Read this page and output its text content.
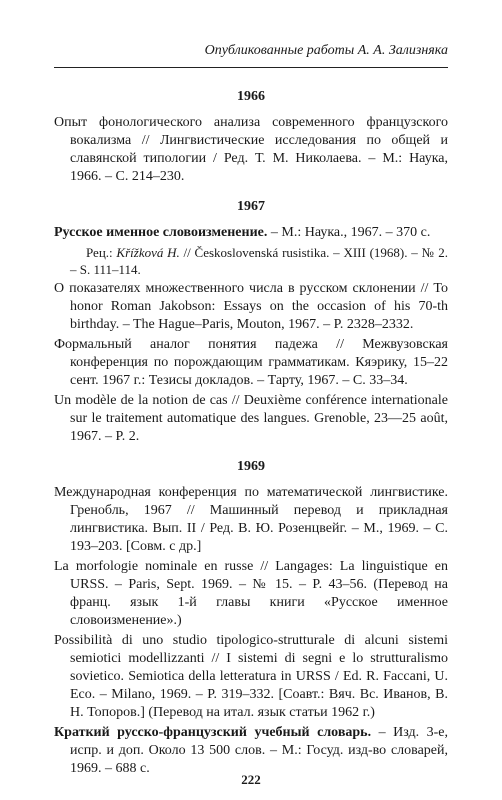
Опубликованные работы А. А. Зализняка
1966
Опыт фонологического анализа современного французского вокализма // Лингвистические исследования по общей и славянской типологии / Ред. Т. М. Николаева. – М.: Наука, 1966. – С. 214–230.
1967
Русское именное словоизменение. – М.: Наука., 1967. – 370 с.
Рец.: Křížková H. // Československá rusistika. – XIII (1968). – № 2. – S. 111–114.
О показателях множественного числа в русском склонении // To honor Roman Jakobson: Essays on the occasion of his 70-th birthday. – The Hague–Paris, Mouton, 1967. – P. 2328–2332.
Формальный аналог понятия падежа // Межвузовская конференция по порождающим грамматикам. Кяэрику, 15–22 сент. 1967 г.: Тезисы докладов. – Тарту, 1967. – С. 33–34.
Un modèle de la notion de cas // Deuxième conférence internationale sur le traitement automatique des langues. Grenoble, 23—25 août, 1967. – P. 2.
1969
Международная конференция по математической лингвистике. Гренобль, 1967 // Машинный перевод и прикладная лингвистика. Вып. II / Ред. В. Ю. Розенцвейг. – М., 1969. – С. 193–203. [Совм. с др.]
La morfologie nominale en russe // Langages: La linguistique en URSS. – Paris, Sept. 1969. – № 15. – P. 43–56. (Перевод на франц. язык 1-й главы книги «Русское именное словоизменение».)
Possibilità di uno studio tipologico-strutturale di alcuni sistemi semiotici modellizzanti // I sistemi di segni e lo strutturalismo sovietico. Semiotica della letteratura in URSS / Ed. R. Faccani, U. Eco. – Milano, 1969. – P. 319–332. [Соавт.: Вяч. Вс. Иванов, В. Н. Топоров.] (Перевод на итал. язык статьи 1962 г.)
Краткий русско-французский учебный словарь. – Изд. 3-е, испр. и доп. Около 13 500 слов. – М.: Госуд. изд-во словарей, 1969. – 688 с.
222
